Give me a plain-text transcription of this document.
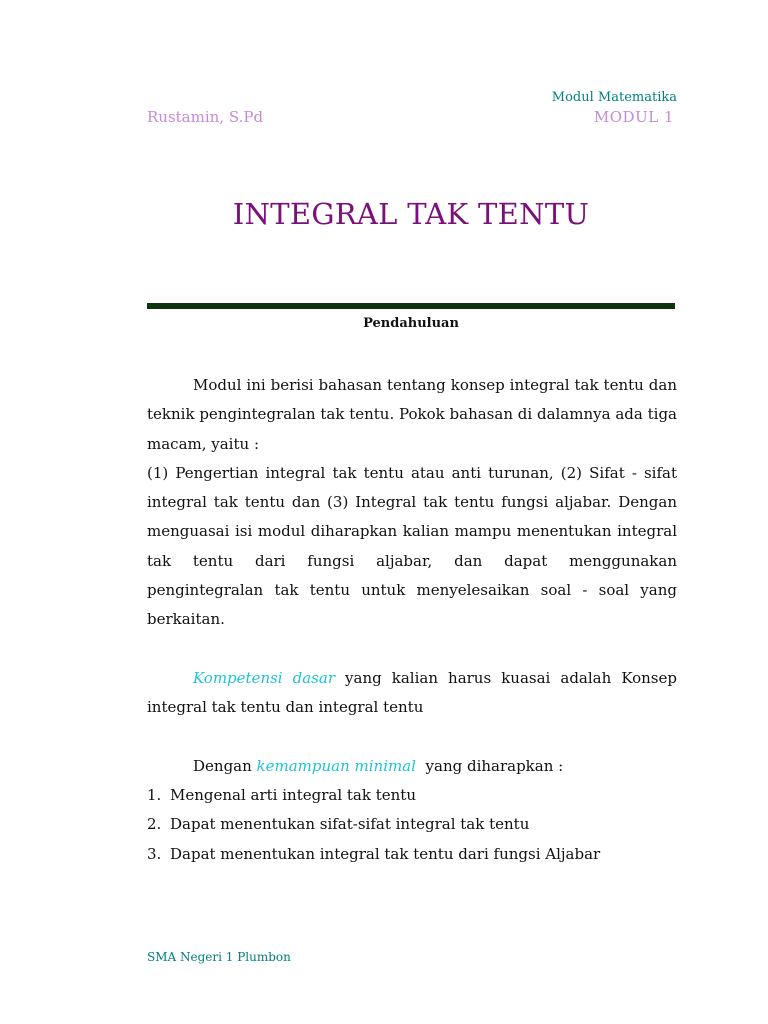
Modul Matematika
Rustamin, S.Pd	MODUL 1
INTEGRAL TAK TENTU
Pendahuluan

Modul ini berisi bahasan tentang konsep integral tak tentu dan teknik pengintegralan tak tentu. Pokok bahasan di dalamnya ada tiga macam, yaitu :

(1) Pengertian integral tak tentu atau anti turunan, (2) Sifat - sifat integral tak tentu dan (3) Integral tak tentu fungsi aljabar. Dengan menguasai isi modul diharapkan kalian mampu menentukan integral tak tentu dari fungsi aljabar, dan dapat menggunakan pengintegralan tak tentu untuk menyelesaikan soal - soal yang berkaitan.

Kompetensi dasar yang kalian harus kuasai adalah Konsep integral tak tentu dan integral tentu

Dengan kemampuan minimal  yang diharapkan :

1. Mengenal arti integral tak tentu
2. Dapat menentukan sifat-sifat integral tak tentu
3. Dapat menentukan integral tak tentu dari fungsi Aljabar
SMA Negeri 1 Plumbon
